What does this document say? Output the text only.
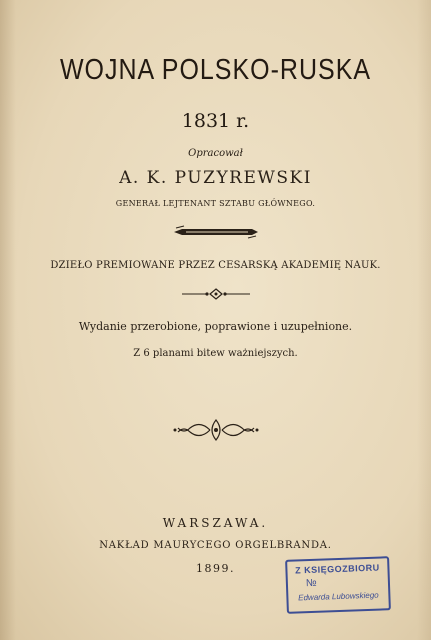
WOJNA POLSKO-RUSKA
1831 r.
Opracował
A. K. PUZYREWSKI
GENERAŁ LEJTENANT SZTABU GŁÓWNEGO.
DZIEŁO PREMIOWANE PRZEZ CESARSKĄ AKADEMIĘ NAUK.
Wydanie przerobione, poprawione i uzupełnione.
Z 6 planami bitew ważniejszych.
WARSZAWA.
NAKŁAD MAURYCEGO ORGELBRANDA.
1899.	Z KSIĘGOZBIORU
№
Edwarda Lubowskiego
